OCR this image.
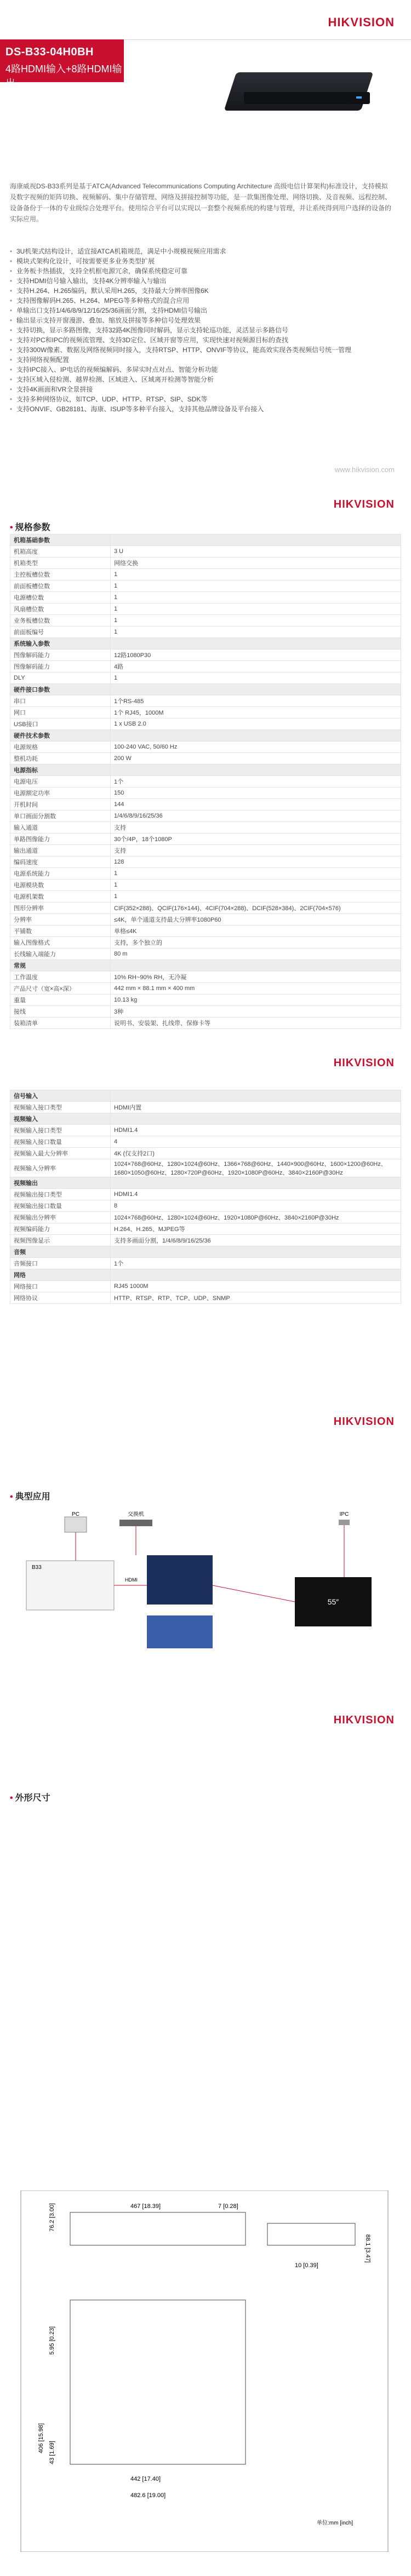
HIKVISION
DS-B33-04H0BH
4路HDMI输入+8路HDMI输出

海康威视DS-B33系列是基于ATCA(Advanced Telecommunications Computing Architecture 高级电信计算架构)标准设计，支持模拟及数字视频的矩阵切换、视频解码、集中存储管理、网络及拼接控制等功能，是一款集图像处理、网络切换、及音视频、远程控制、设备备份于一体的专业级综合处理平台。使用综合平台可以实现以一套整个视频系统的构建与管理，并让系统得到用户选择的设备的实际应用。

• 3U机架式结构设计，适宜接ATCA机箱规范，满足中小规模视频应用需求
• 模块式架构化设计，可按需要更多业务类型扩展
• 业务板卡热插拔，支持全机框电源冗余，确保系统稳定可靠
• 支持HDMI信号输入输出，支持4K分辨率输入与输出
• 支持H.264、H.265编码，默认采用H.265，支持最大分辨率图像6K
• 支持图像解码H.265、H.264、MPEG等多种格式的混合应用
• 单输出口支持1/4/6/8/9/12/16/25/36画面分割，支持HDMI信号输出
• 输出显示支持开窗漫游、叠加、缩放及拼接等多种信号处理效果
• 支持切换，显示多路图像，支持32路4K图像同时解码，显示支持轮巡功能，灵活显示多路信号
• 支持对PC和IPC的视频流管理、支持3D定位、区域开窗等应用，实现快速对视频源目标的查找
• 支持300W像素、数据及网络视频同时接入，支持RTSP、HTTP、ONVIF等协议，能高效实现各类视频信号统一管理
• 支持网络视频配置
• 支持IPC接入、IP电话的视频编解码、多屏实时点对点、智能分析功能
• 支持区域入侵检测、越界检测、区域进入、区域离开检测等智能分析
• 支持4K画面和VR全景拼接
• 支持多种网络协议，如TCP、UDP、HTTP、RTSP、SIP、SDK等
• 支持ONVIF、GB28181、海康、ISUP等多种平台接入，支持其他品牌设备及平台接入
www.hikvision.com
HIKVISION
• 规格参数
机箱基础参数	
机箱高度	3 U
机箱类型	网络交换
主控板槽位数	1
前面板槽位数	1
电源槽位数	1
风扇槽位数	1
业务板槽位数	1
前面板编号	1
系统输入参数	
图像解码能力	12路1080P30
图像解码能力	4路
DLY	1
硬件接口参数	
串口	1个RS-485
网口	1个 RJ45，1000M
USB接口	1 x USB 2.0
硬件技术参数	
电源规格	100-240 VAC, 50/60 Hz
整机功耗	200 W
电源指标	
电源电压	1个
电源额定功率	150
开机时间	144
单口画面分割数	1/4/6/8/9/16/25/36
输入通道	支持
单路图像能力	30个/4P，18个1080P
输出通道	支持
编码速度	128
电源系统能力	1
电源模块数	1
电源机架数	1
图形分辨率	CIF(352×288)、QCIF(176×144)、4CIF(704×288)、DCIF(528×384)、2CIF(704×576)
分辨率	≤4K，单个通道支持最大分辨率1080P60
平铺数	单格≤4K
输入图像格式	支持，多个独立的
长线输入端能力	80 m
常规	
工作温度	10% RH~90% RH，无冷凝
产品尺寸（宽×高×深）	442 mm × 88.1 mm × 400 mm
重量	10.13 kg
接线	3种
装箱清单	说明书、安装架、扎线带、保修卡等
HIKVISION
信号输入	
视频输入接口类型	HDMI内置
视频输入	
视频输入接口类型	HDMI1.4
视频输入接口数量	4
视频输入最大分辨率	4K (仅支持2口)
视频输入分辨率	1024×768@60Hz、1280×1024@60Hz、1366×768@60Hz、1440×900@60Hz、1600×1200@60Hz、1680×1050@60Hz、1280×720P@60Hz、1920×1080P@60Hz、3840×2160P@30Hz
视频输出	
视频输出接口类型	HDMI1.4
视频输出接口数量	8
视频输出分辨率	1024×768@60Hz、1280×1024@60Hz、1920×1080P@60Hz、3840×2160P@30Hz
视频编码能力	H.264、H.265、MJPEG等
视频图像显示	支持多画面分割，1/4/6/8/9/16/25/36
音频	
音频接口	1个
网络	
网络接口	RJ45 1000M
网络协议	HTTP、RTSP、RTP、TCP、UDP、SNMP
HIKVISION
• 典型应用
PC	交换机	IPC
B33
55″
HDMI
HIKVISION
• 外形尺寸
76.2 [3.00]	467 [18.39]	7 [0.28]
88.1 [3.47]
5.95 [0.23]
406 [15.98] 43 [1.69]
442 [17.40]
482.6 [19.00]
10 [0.39]
单位:mm [inch]
